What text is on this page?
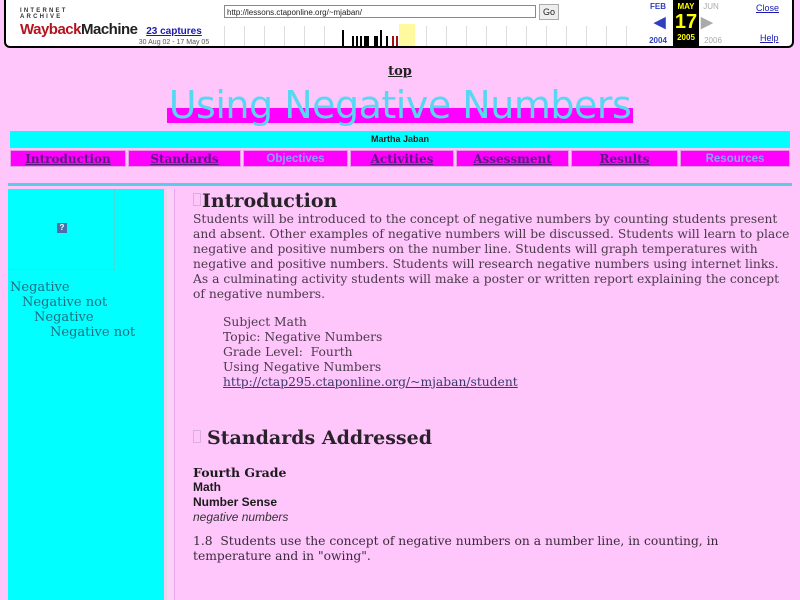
INTERNET ARCHIVE
WaybackMachine 23 captures
30 Aug 02 - 17 May 05
http://lessons.ctaponline.org/~mjaban/	Go
FEB
◀
2004
MAY
17
2005
JUN
▶
2006
Close
Help
top
Using Negative Numbers
Martha Jaban
Introduction	Standards	Objectives	Activities	Assessment	Results	Resources
?
Negative
Negative not
Negative
Negative not
Introduction

Students will be introduced to the concept of negative numbers by counting students present and absent. Other examples of negative numbers will be discussed. Students will learn to place negative and positive numbers on the number line. Students will graph temperatures with negative and positive numbers. Students will research negative numbers using internet links. As a culminating activity students will make a poster or written report explaining the concept of negative numbers.

Subject Math
Topic: Negative Numbers
Grade Level:  Fourth
Using Negative Numbers
http://ctap295.ctaponline.org/~mjaban/student
Standards Addressed
Fourth Grade
Math
Number Sense
negative numbers
1.8  Students use the concept of negative numbers on a number line, in counting, in temperature and in "owing".
